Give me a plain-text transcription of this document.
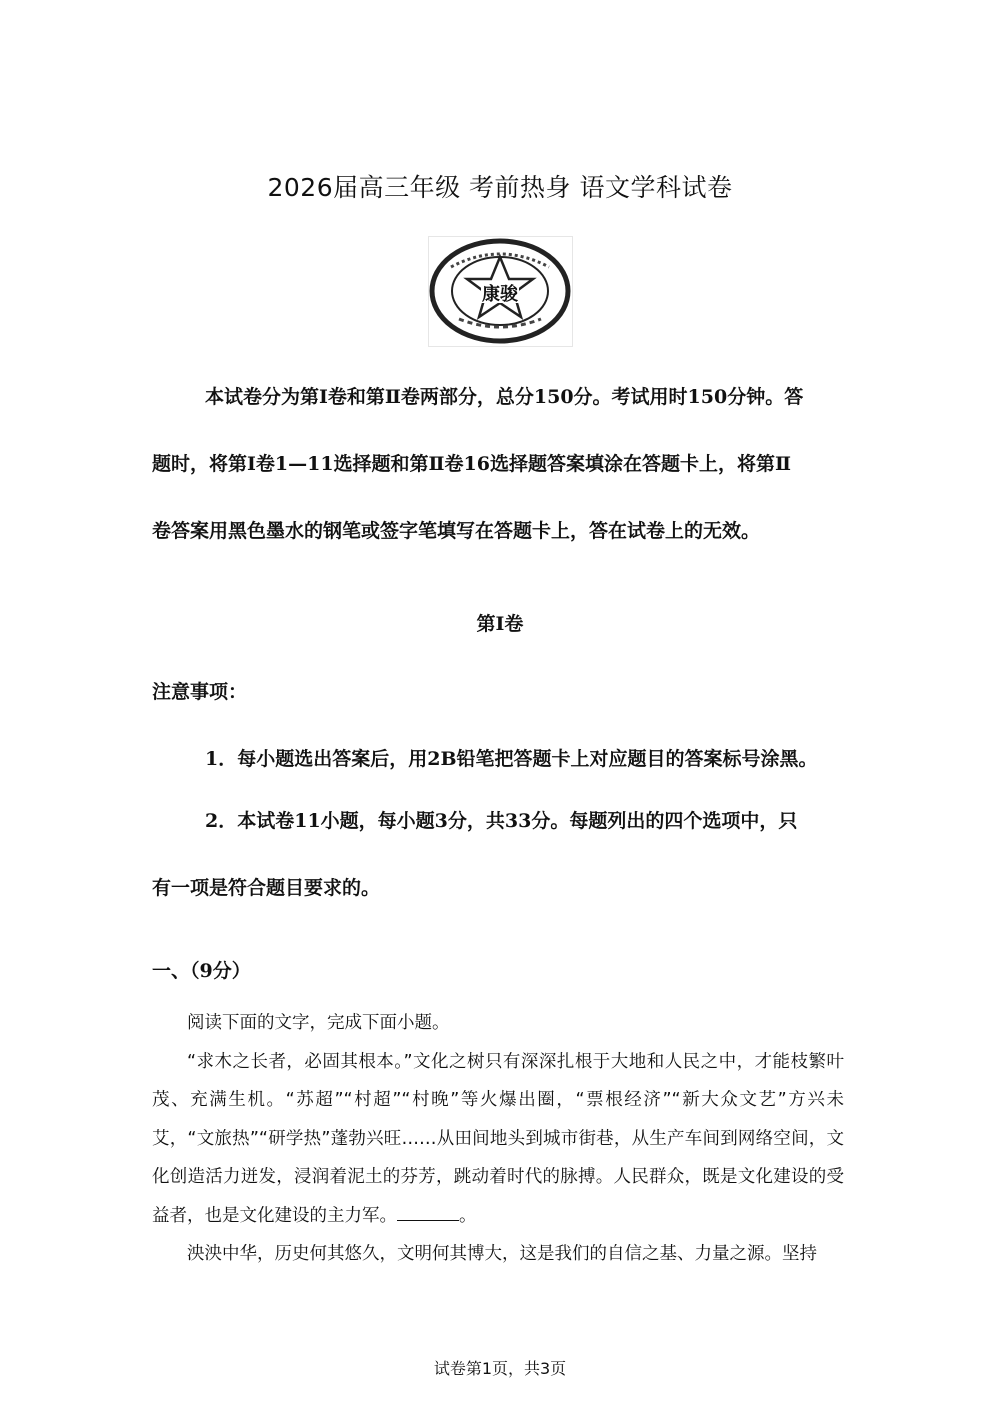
2026届高三年级 考前热身 语文学科试卷
康骏

本试卷分为第Ⅰ卷和第Ⅱ卷两部分，总分150分。考试用时150分钟。答

题时，将第Ⅰ卷1—11选择题和第Ⅱ卷16选择题答案填涂在答题卡上，将第Ⅱ

卷答案用黑色墨水的钢笔或签字笔填写在答题卡上，答在试卷上的无效。

第Ⅰ卷
注意事项：
1．每小题选出答案后，用2B铅笔把答题卡上对应题目的答案标号涂黑。

2．本试卷11小题，每小题3分，共33分。每题列出的四个选项中，只

有一项是符合题目要求的。

一、（9分）

阅读下面的文字，完成下面小题。

“求木之长者，必固其根本。”文化之树只有深深扎根于大地和人民之中，才能枝繁叶茂、充满生机。“苏超”“村超”“村晚”等火爆出圈，“票根经济”“新大众文艺”方兴未艾，“文旅热”“研学热”蓬勃兴旺……从田间地头到城市街巷，从生产车间到网络空间，文化创造活力迸发，浸润着泥土的芬芳，跳动着时代的脉搏。人民群众，既是文化建设的受益者，也是文化建设的主力军。	。

泱泱中华，历史何其悠久，文明何其博大，这是我们的自信之基、力量之源。坚持

试卷第1页，共3页
